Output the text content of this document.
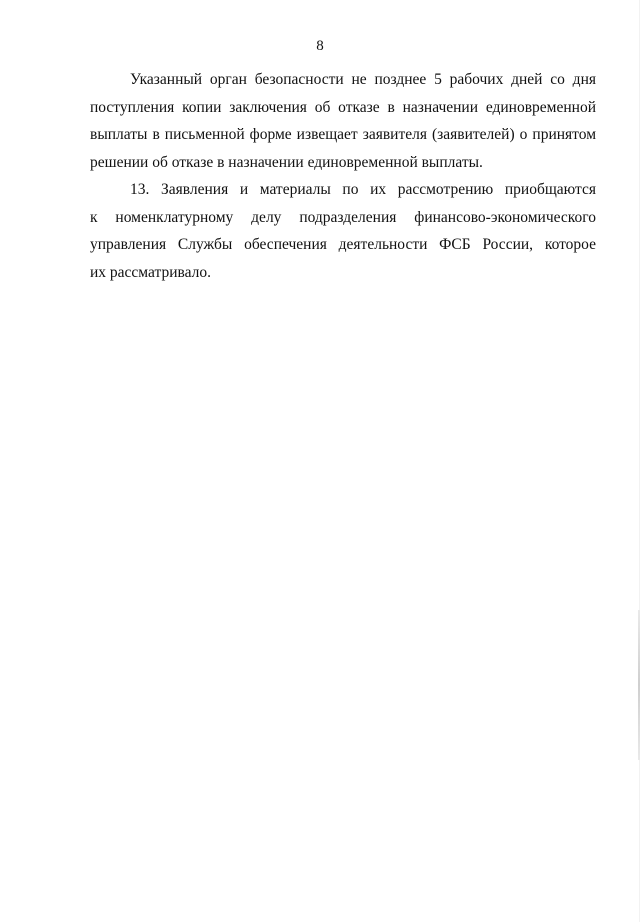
8
Указанный орган безопасности не позднее 5 рабочих дней со дня
поступления копии заключения об отказе в назначении единовременной
выплаты в письменной форме извещает заявителя (заявителей) о принятом
решении об отказе в назначении единовременной выплаты.
13. Заявления и материалы по их рассмотрению приобщаются
к номенклатурному делу подразделения финансово-экономического
управления Службы обеспечения деятельности ФСБ России, которое
их рассматривало.
